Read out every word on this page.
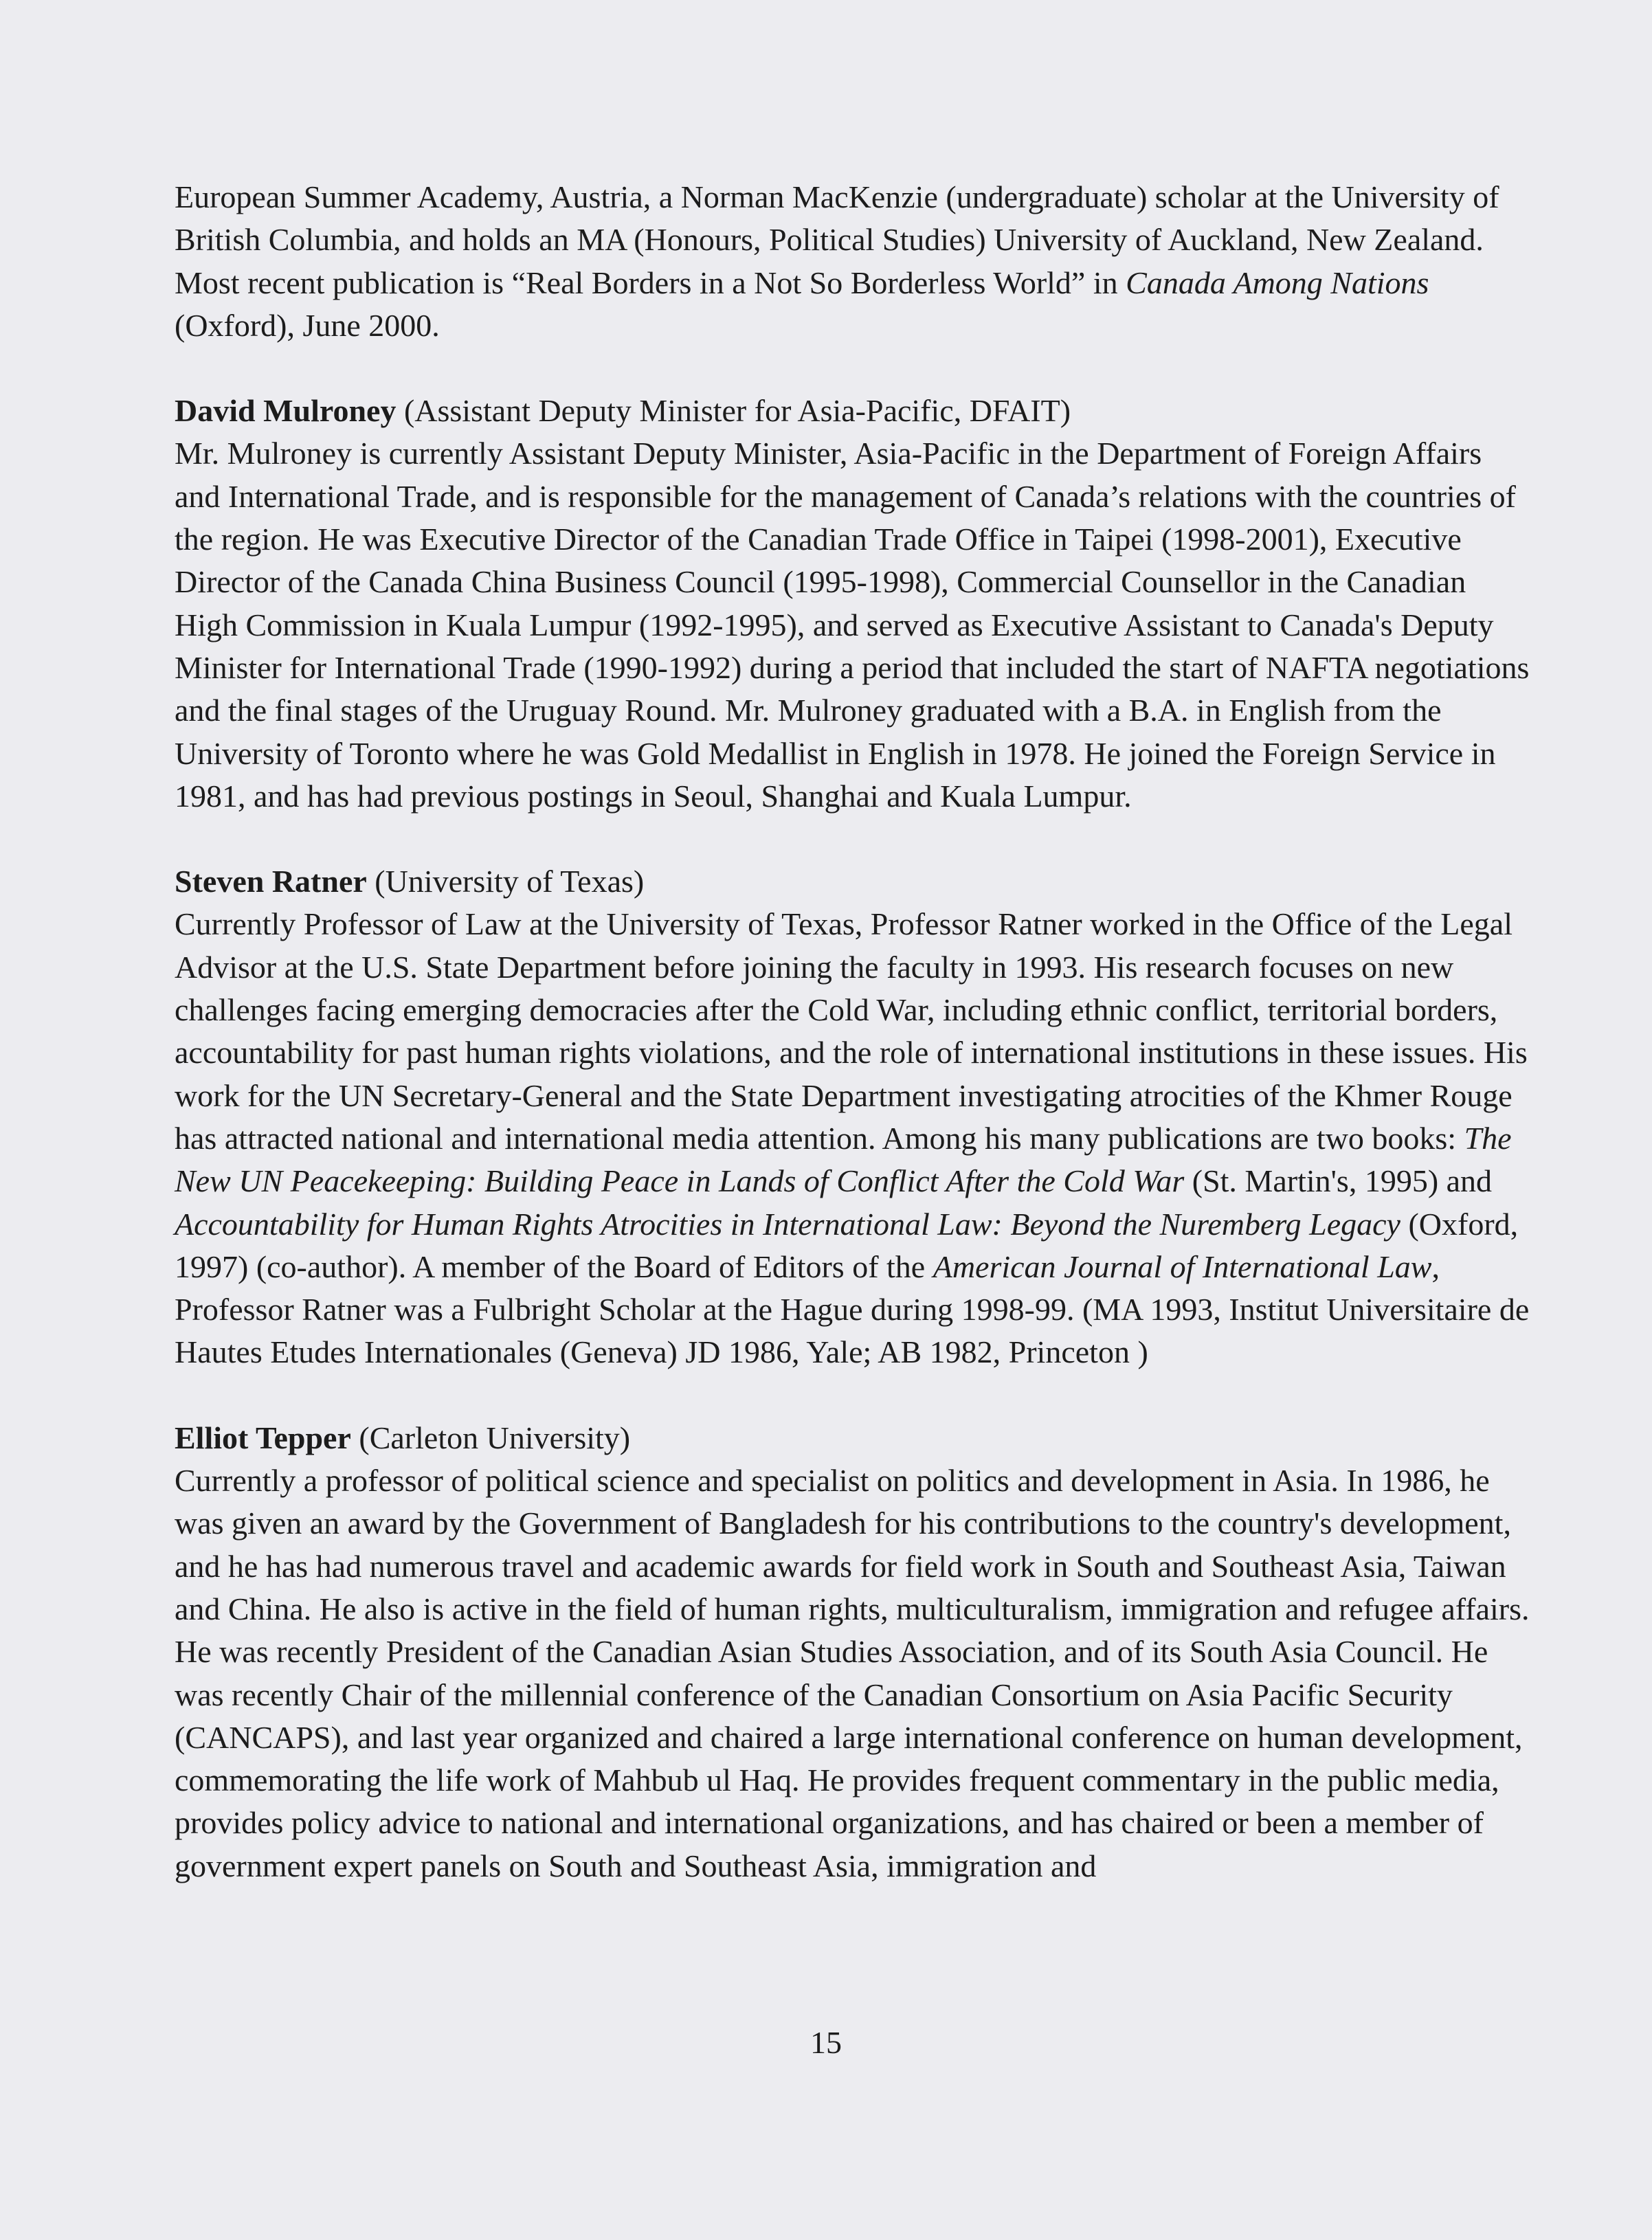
European Summer Academy, Austria, a Norman MacKenzie (undergraduate) scholar at the University of British Columbia, and holds an MA (Honours, Political Studies) University of Auckland, New Zealand. Most recent publication is “Real Borders in a Not So Borderless World” in Canada Among Nations (Oxford), June 2000.

David Mulroney (Assistant Deputy Minister for Asia-Pacific, DFAIT)
Mr. Mulroney is currently Assistant Deputy Minister, Asia-Pacific in the Department of Foreign Affairs and International Trade, and is responsible for the management of Canada’s relations with the countries of the region. He was Executive Director of the Canadian Trade Office in Taipei (1998-2001), Executive Director of the Canada China Business Council (1995-1998), Commercial Counsellor in the Canadian High Commission in Kuala Lumpur (1992-1995), and served as Executive Assistant to Canada's Deputy Minister for International Trade (1990-1992) during a period that included the start of NAFTA negotiations and the final stages of the Uruguay Round. Mr. Mulroney graduated with a B.A. in English from the University of Toronto where he was Gold Medallist in English in 1978. He joined the Foreign Service in 1981, and has had previous postings in Seoul, Shanghai and Kuala Lumpur.

Steven Ratner (University of Texas)
Currently Professor of Law at the University of Texas, Professor Ratner worked in the Office of the Legal Advisor at the U.S. State Department before joining the faculty in 1993. His research focuses on new challenges facing emerging democracies after the Cold War, including ethnic conflict, territorial borders, accountability for past human rights violations, and the role of international institutions in these issues. His work for the UN Secretary-General and the State Department investigating atrocities of the Khmer Rouge has attracted national and international media attention. Among his many publications are two books: The New UN Peacekeeping: Building Peace in Lands of Conflict After the Cold War (St. Martin's, 1995) and Accountability for Human Rights Atrocities in International Law: Beyond the Nuremberg Legacy (Oxford, 1997) (co-author). A member of the Board of Editors of the American Journal of International Law, Professor Ratner was a Fulbright Scholar at the Hague during 1998-99. (MA 1993, Institut Universitaire de Hautes Etudes Internationales (Geneva) JD 1986, Yale; AB 1982, Princeton )

Elliot Tepper (Carleton University)
Currently a professor of political science and specialist on politics and development in Asia. In 1986, he was given an award by the Government of Bangladesh for his contributions to the country's development, and he has had numerous travel and academic awards for field work in South and Southeast Asia, Taiwan and China. He also is active in the field of human rights, multiculturalism, immigration and refugee affairs. He was recently President of the Canadian Asian Studies Association, and of its South Asia Council. He was recently Chair of the millennial conference of the Canadian Consortium on Asia Pacific Security (CANCAPS), and last year organized and chaired a large international conference on human development, commemorating the life work of Mahbub ul Haq. He provides frequent commentary in the public media, provides policy advice to national and international organizations, and has chaired or been a member of government expert panels on South and Southeast Asia, immigration and

15
